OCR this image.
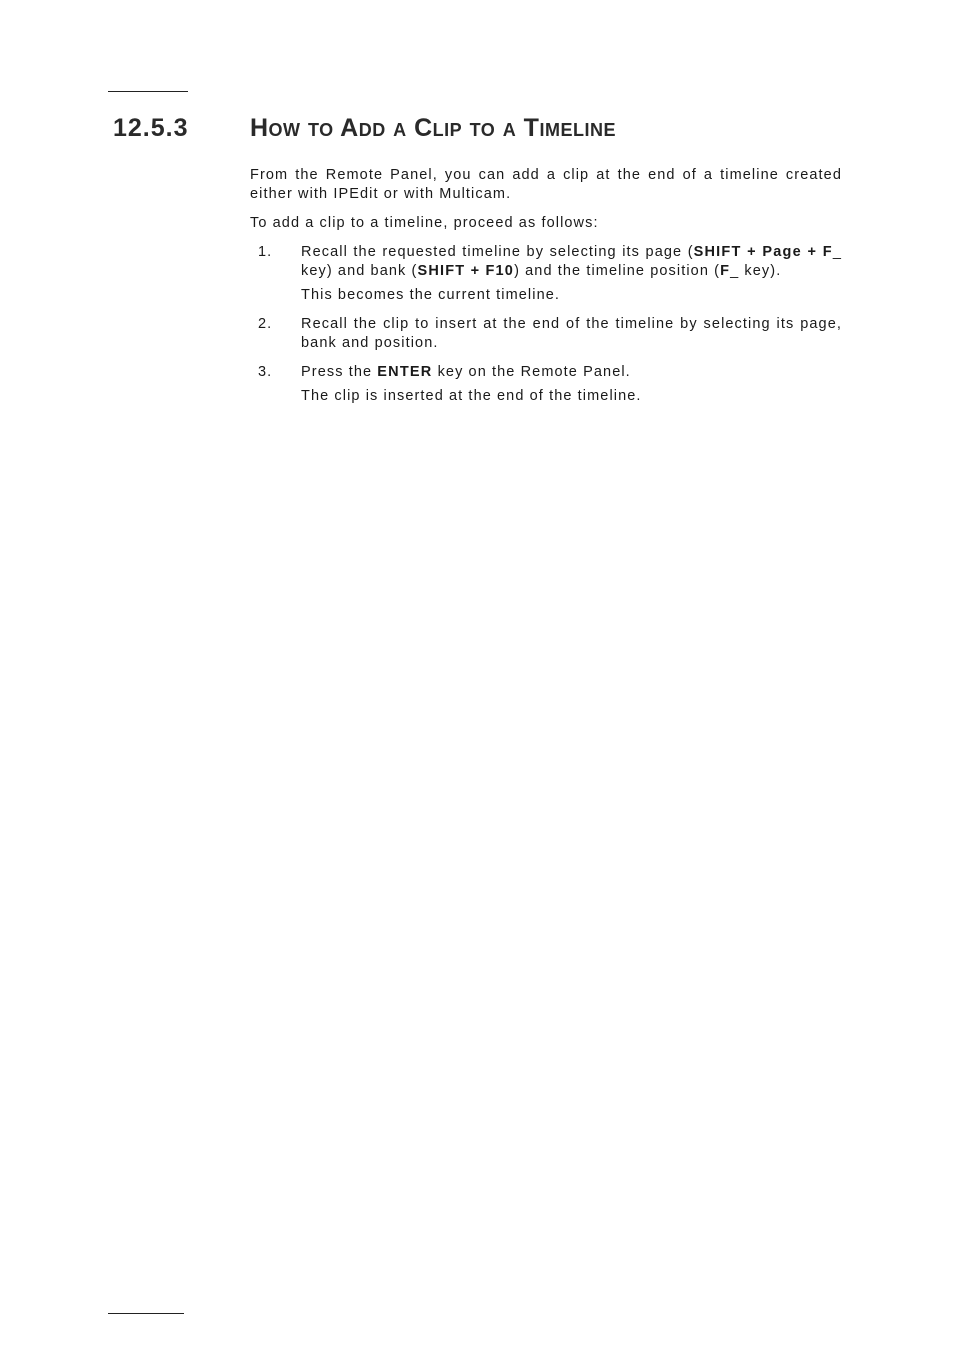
12.5.3 How to Add a Clip to a Timeline

From the Remote Panel, you can add a clip at the end of a timeline created either with IPEdit or with Multicam.

To add a clip to a timeline, proceed as follows:

1. Recall the requested timeline by selecting its page (SHIFT + Page + F_ key) and bank (SHIFT + F10) and the timeline position (F_ key).

This becomes the current timeline.

2. Recall the clip to insert at the end of the timeline by selecting its page, bank and position.

3. Press the ENTER key on the Remote Panel.

The clip is inserted at the end of the timeline.
